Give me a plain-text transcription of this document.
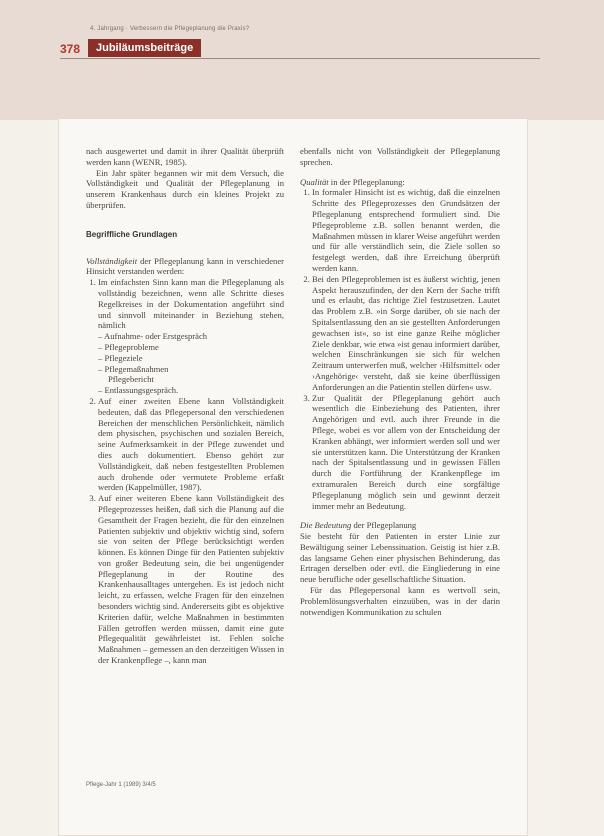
4. Jahrgang · Verbessern die Pflegeplanung die Praxis?
378	Jubiläumsbeiträge

nach ausgewertet und damit in ihrer Qualität überprüft werden kann (WENR, 1985).

Ein Jahr später begannen wir mit dem Versuch, die Vollständigkeit und Qualität der Pflegeplanung in unserem Krankenhaus durch ein kleines Projekt zu überprüfen.

Begriffliche Grundlagen

Vollständigkeit der Pflegeplanung kann in verschiedener Hinsicht verstanden werden:

1. Im einfachsten Sinn kann man die Pflegeplanung als vollständig bezeichnen, wenn alle Schritte dieses Regelkreises in der Dokumentation angeführt sind und sinnvoll miteinander in Beziehung stehen, nämlich
– Aufnahme- oder Erstgespräch
– Pflegeprobleme
– Pflegeziele
– Pflegemaßnahmen
Pflegebericht
– Entlassungsgespräch.
2. Auf einer zweiten Ebene kann Vollständigkeit bedeuten, daß das Pflegepersonal den verschiedenen Bereichen der menschlichen Persönlichkeit, nämlich dem physischen, psychischen und sozialen Bereich, seine Aufmerksamkeit in der Pflege zuwendet und dies auch dokumentiert. Ebenso gehört zur Vollständigkeit, daß neben festgestellten Problemen auch drohende oder vermutete Probleme erfaßt werden (Kappelmüller, 1987).
3. Auf einer weiteren Ebene kann Vollständigkeit des Pflegeprozesses heißen, daß sich die Planung auf die Gesamtheit der Fragen bezieht, die für den einzelnen Patienten subjektiv und objektiv wichtig sind, sofern sie von seiten der Pflege berücksichtigt werden können. Es können Dinge für den Patienten subjektiv von großer Bedeutung sein, die bei ungenügender Pflegeplanung in der Routine des Krankenhausalltages untergehen. Es ist jedoch nicht leicht, zu erfassen, welche Fragen für den einzelnen besonders wichtig sind. Andererseits gibt es objektive Kriterien dafür, welche Maßnahmen in bestimmten Fällen getroffen werden müssen, damit eine gute Pflegequalität gewährleistet ist. Fehlen solche Maßnahmen – gemessen an den derzeitigen Wissen in der Krankenpflege –, kann man

ebenfalls nicht von Vollständigkeit der Pflegeplanung sprechen.

Qualität in der Pflegeplanung:

1. In formaler Hinsicht ist es wichtig, daß die einzelnen Schritte des Pflegeprozesses den Grundsätzen der Pflegeplanung entsprechend formuliert sind. Die Pflegeprobleme z.B. sollen benannt werden, die Maßnahmen müssen in klarer Weise angeführt werden und für alle verständlich sein, die Ziele sollen so festgelegt werden, daß ihre Erreichung überprüft werden kann.
2. Bei den Pflegeproblemen ist es äußerst wichtig, jenen Aspekt herauszufinden, der den Kern der Sache trifft und es erlaubt, das richtige Ziel festzusetzen. Lautet das Problem z.B. »in Sorge darüber, ob sie nach der Spitalsentlassung den an sie gestellten Anforderungen gewachsen ist«, so ist eine ganze Reihe möglicher Ziele denkbar, wie etwa »ist genau informiert darüber, welchen Einschränkungen sie sich für welchen Zeitraum unterwerfen muß, welcher ›Hilfsmittel‹ oder ›Angehörige‹ versteht, daß sie keine überflüssigen Anforderungen an die Patientin stellen dürfen« usw.
3. Zur Qualität der Pflegeplanung gehört auch wesentlich die Einbeziehung des Patienten, ihrer Angehörigen und evtl. auch ihrer Freunde in die Pflege, wobei es vor allem von der Entscheidung der Kranken abhängt, wer informiert werden soll und wer sie unterstützen kann. Die Unterstützung der Kranken nach der Spitalsentlassung und in gewissen Fällen durch die Fortführung der Krankenpflege im extramuralen Bereich durch eine sorgfältige Pflegeplanung möglich sein und gewinnt derzeit immer mehr an Bedeutung.

Die Bedeutung der Pflegeplanung

Sie besteht für den Patienten in erster Linie zur Bewältigung seiner Lebenssituation. Geistig ist hier z.B. das langsame Gehen einer physischen Behinderung, das Ertragen derselben oder evtl. die Eingliederung in eine neue berufliche oder gesellschaftliche Situation.

Für das Pflegepersonal kann es wertvoll sein, Problemlösungsverhalten einzuüben, was in der darin notwendigen Kommunikation zu schulen

Pflege-Jahr 1 (1989) 3/4/5
